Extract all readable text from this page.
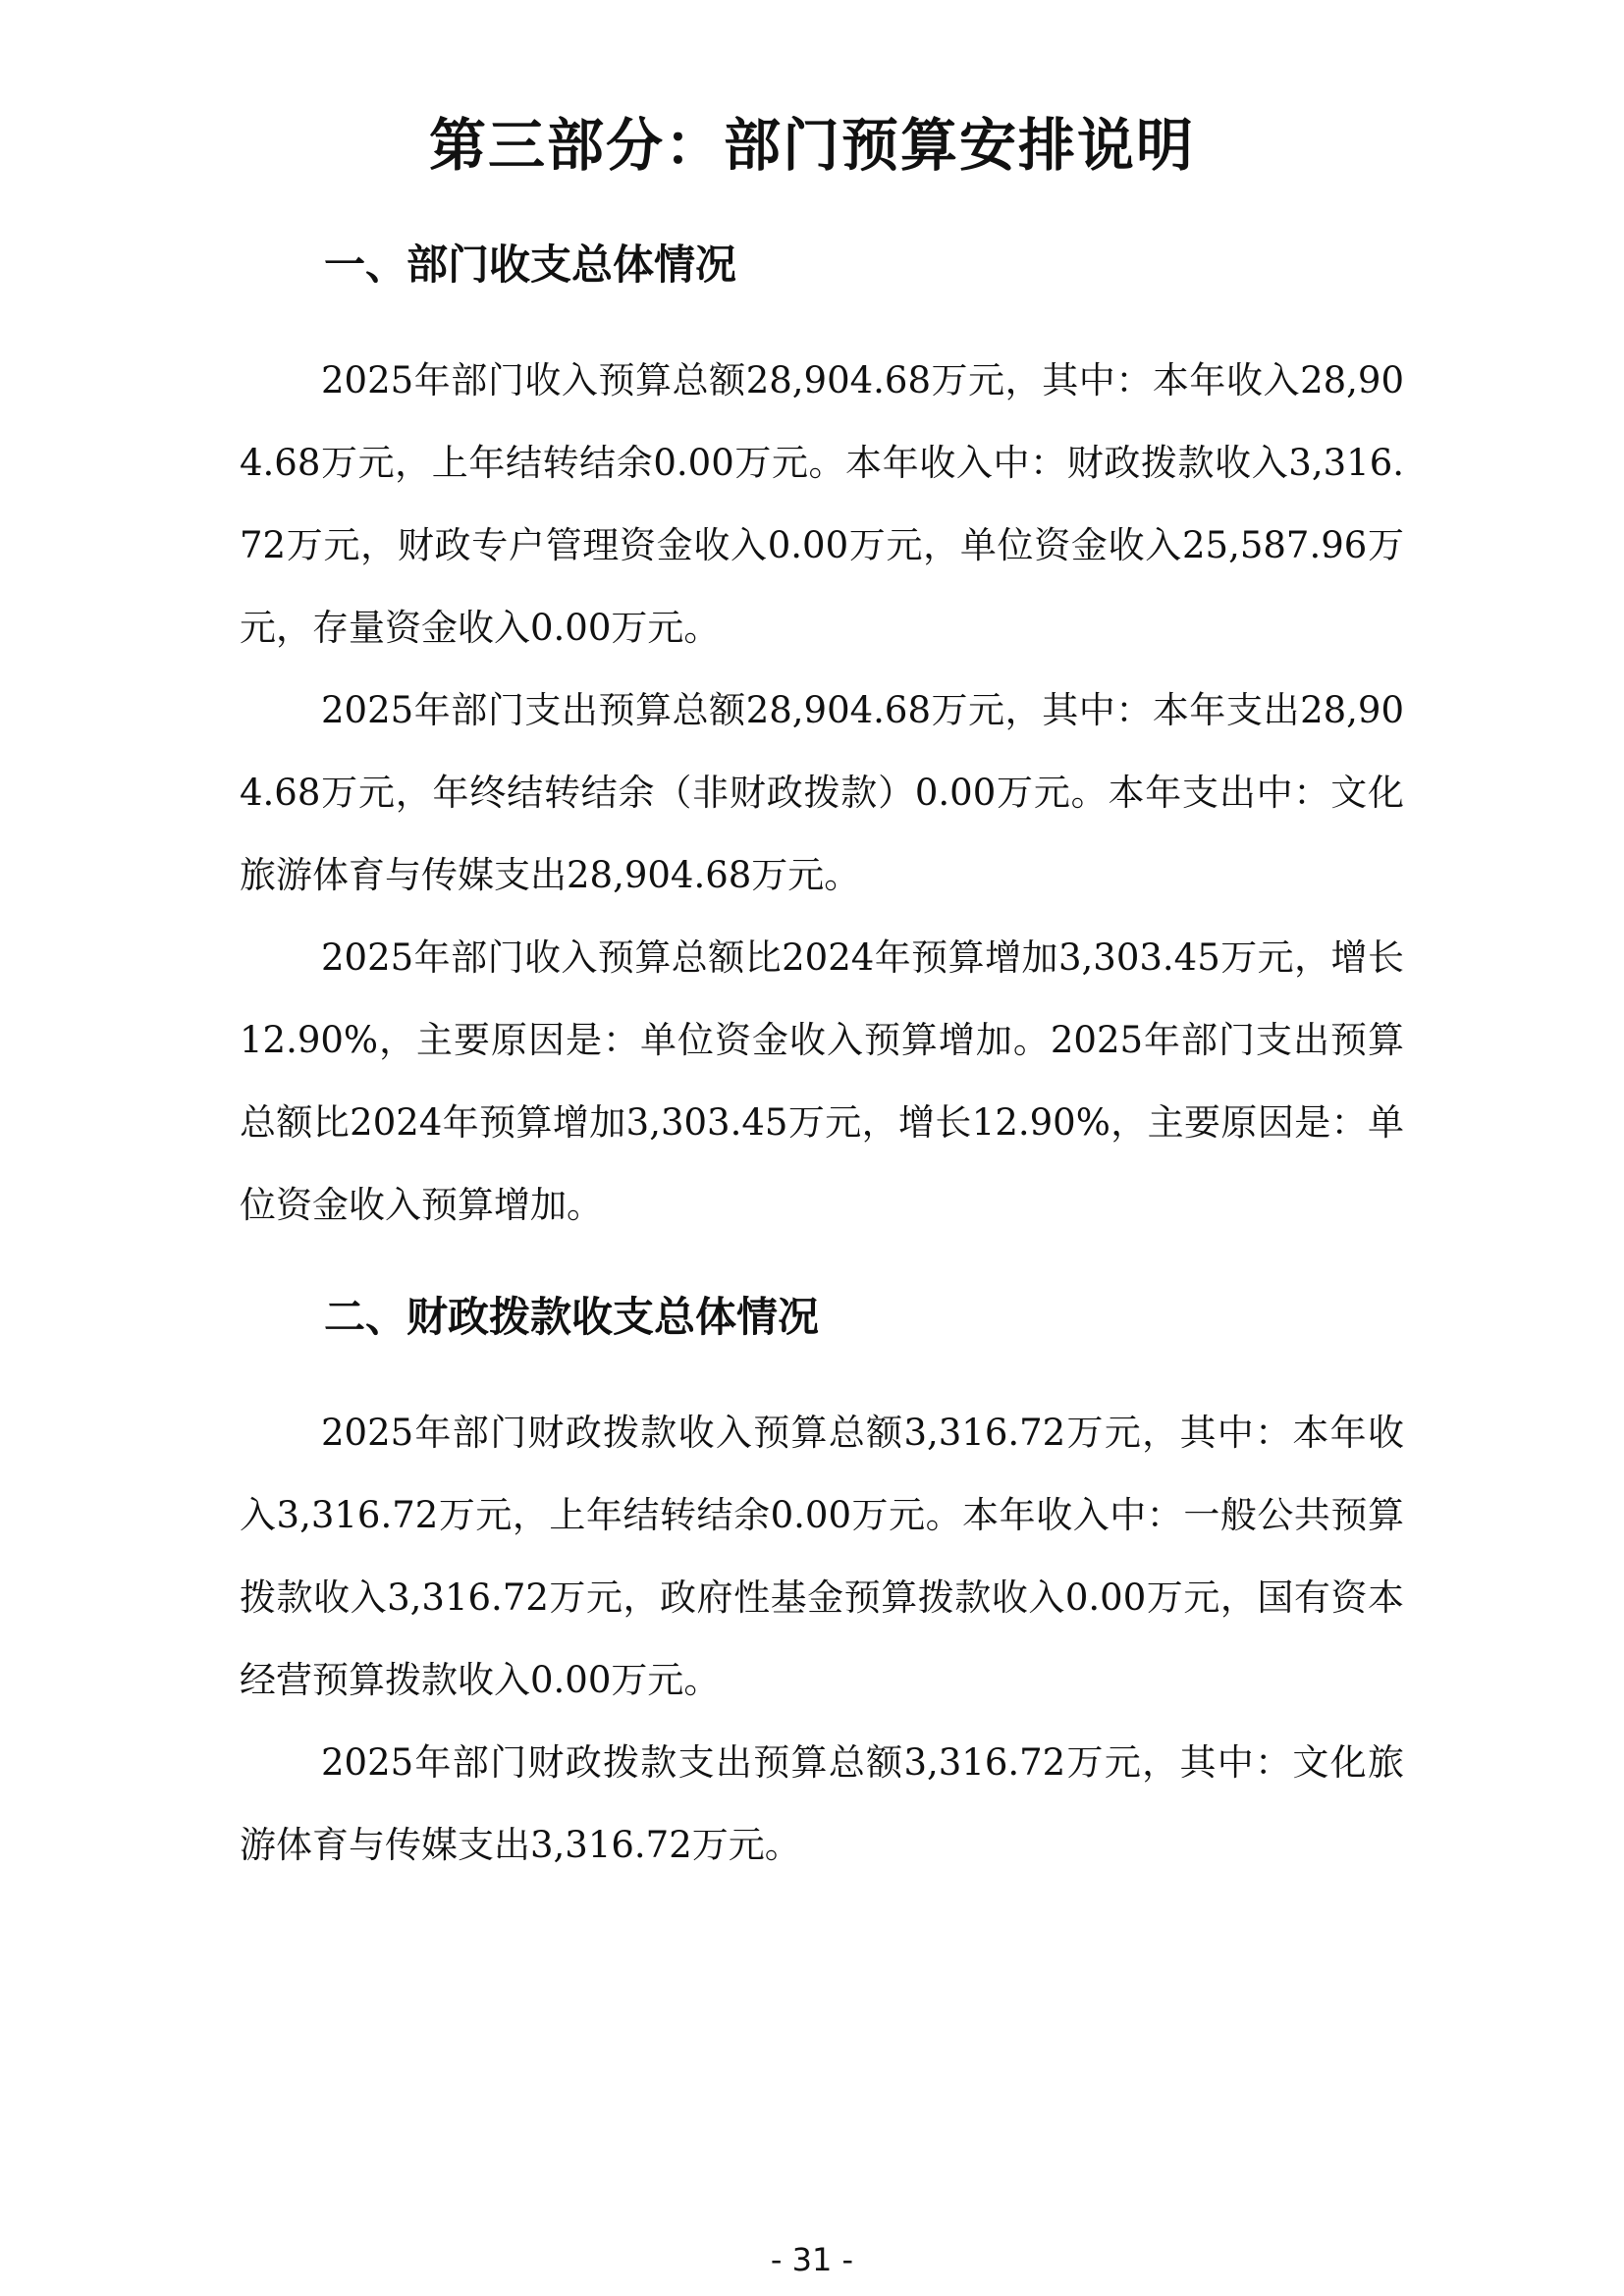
第三部分：部门预算安排说明
一、部门收支总体情况

2025年部门收入预算总额28,904.68万元，其中：本年收入28,904.68万元，上年结转结余0.00万元。本年收入中：财政拨款收入3,316.72万元，财政专户管理资金收入0.00万元，单位资金收入25,587.96万元，存量资金收入0.00万元。

2025年部门支出预算总额28,904.68万元，其中：本年支出28,904.68万元，年终结转结余（非财政拨款）0.00万元。本年支出中：文化旅游体育与传媒支出28,904.68万元。

2025年部门收入预算总额比2024年预算增加3,303.45万元，增长12.90%，主要原因是：单位资金收入预算增加。2025年部门支出预算总额比2024年预算增加3,303.45万元，增长12.90%，主要原因是：单位资金收入预算增加。

二、财政拨款收支总体情况

2025年部门财政拨款收入预算总额3,316.72万元，其中：本年收入3,316.72万元，上年结转结余0.00万元。本年收入中：一般公共预算拨款收入3,316.72万元，政府性基金预算拨款收入0.00万元，国有资本经营预算拨款收入0.00万元。

2025年部门财政拨款支出预算总额3,316.72万元，其中：文化旅游体育与传媒支出3,316.72万元。

- 31 -
